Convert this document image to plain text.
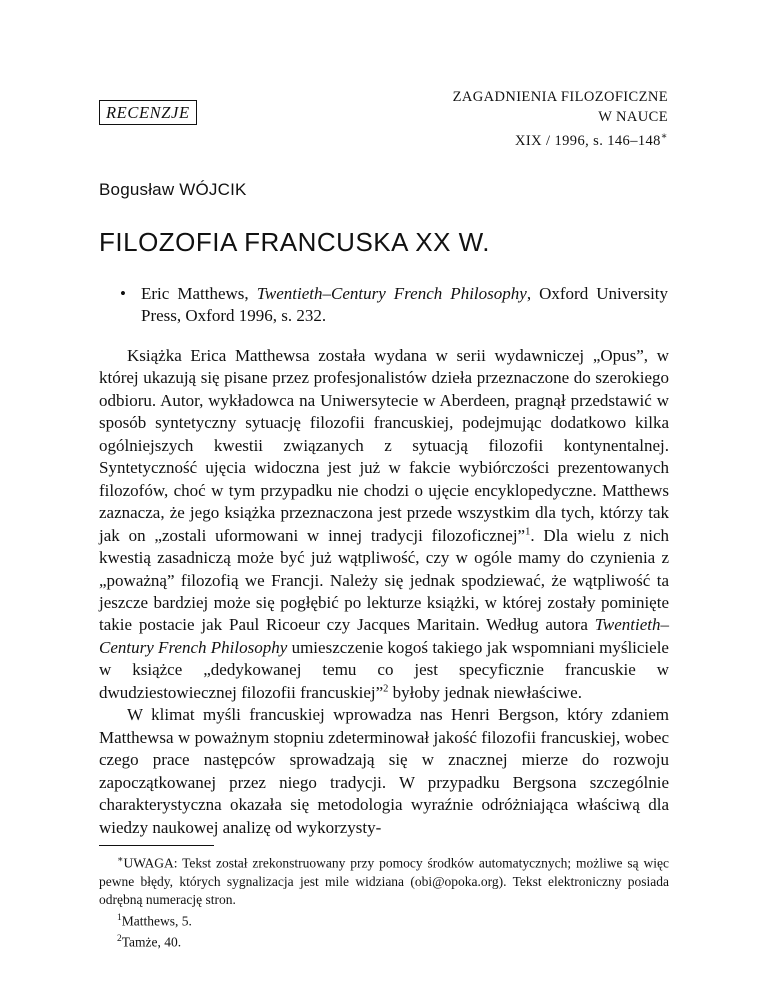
RECENZJE
ZAGADNIENIA FILOZOFICZNE
W NAUCE
XIX / 1996, s. 146–148∗
Bogusław WÓJCIK
FILOZOFIA FRANCUSKA XX W.
• Eric Matthews, Twentieth–Century French Philosophy, Oxford University Press, Oxford 1996, s. 232.

Książka Erica Matthewsa została wydana w serii wydawniczej „Opus”, w której ukazują się pisane przez profesjonalistów dzieła przeznaczone do szerokiego odbioru. Autor, wykładowca na Uniwersytecie w Aberdeen, pragnął przedstawić w sposób syntetyczny sytuację filozofii francuskiej, podejmując dodatkowo kilka ogólniejszych kwestii związanych z sytuacją filozofii kontynentalnej. Syntetyczność ujęcia widoczna jest już w fakcie wybiórczości prezentowanych filozofów, choć w tym przypadku nie chodzi o ujęcie encyklopedyczne. Matthews zaznacza, że jego książka przeznaczona jest przede wszystkim dla tych, którzy tak jak on „zostali uformowani w innej tradycji filozoficznej”$^1$. Dla wielu z nich kwestią zasadniczą może być już wątpliwość, czy w ogóle mamy do czynienia z „poważną” filozofią we Francji. Należy się jednak spodziewać, że wątpliwość ta jeszcze bardziej może się pogłębić po lekturze książki, w której zostały pominięte takie postacie jak Paul Ricoeur czy Jacques Maritain. Według autora Twentieth–Century French Philosophy umieszczenie kogoś takiego jak wspomniani myśliciele w książce „dedykowanej temu co jest specyficznie francuskie w dwudziestowiecznej filozofii francuskiej”$^2$ byłoby jednak niewłaściwe.

W klimat myśli francuskiej wprowadza nas Henri Bergson, który zdaniem Matthewsa w poważnym stopniu zdeterminował jakość filozofii francuskiej, wobec czego prace następców sprowadzają się w znacznej mierze do rozwoju zapoczątkowanej przez niego tradycji. W przypadku Bergsona szczególnie charakterystyczna okazała się metodologia wyraźnie odróżniająca właściwą dla wiedzy naukowej analizę od wykorzysty-

∗UWAGA: Tekst został zrekonstruowany przy pomocy środków automatycznych; możliwe są więc pewne błędy, których sygnalizacja jest mile widziana (obi@opoka.org). Tekst elektroniczny posiada odrębną numerację stron.

$^1$Matthews, 5.

$^2$Tamże, 40.
